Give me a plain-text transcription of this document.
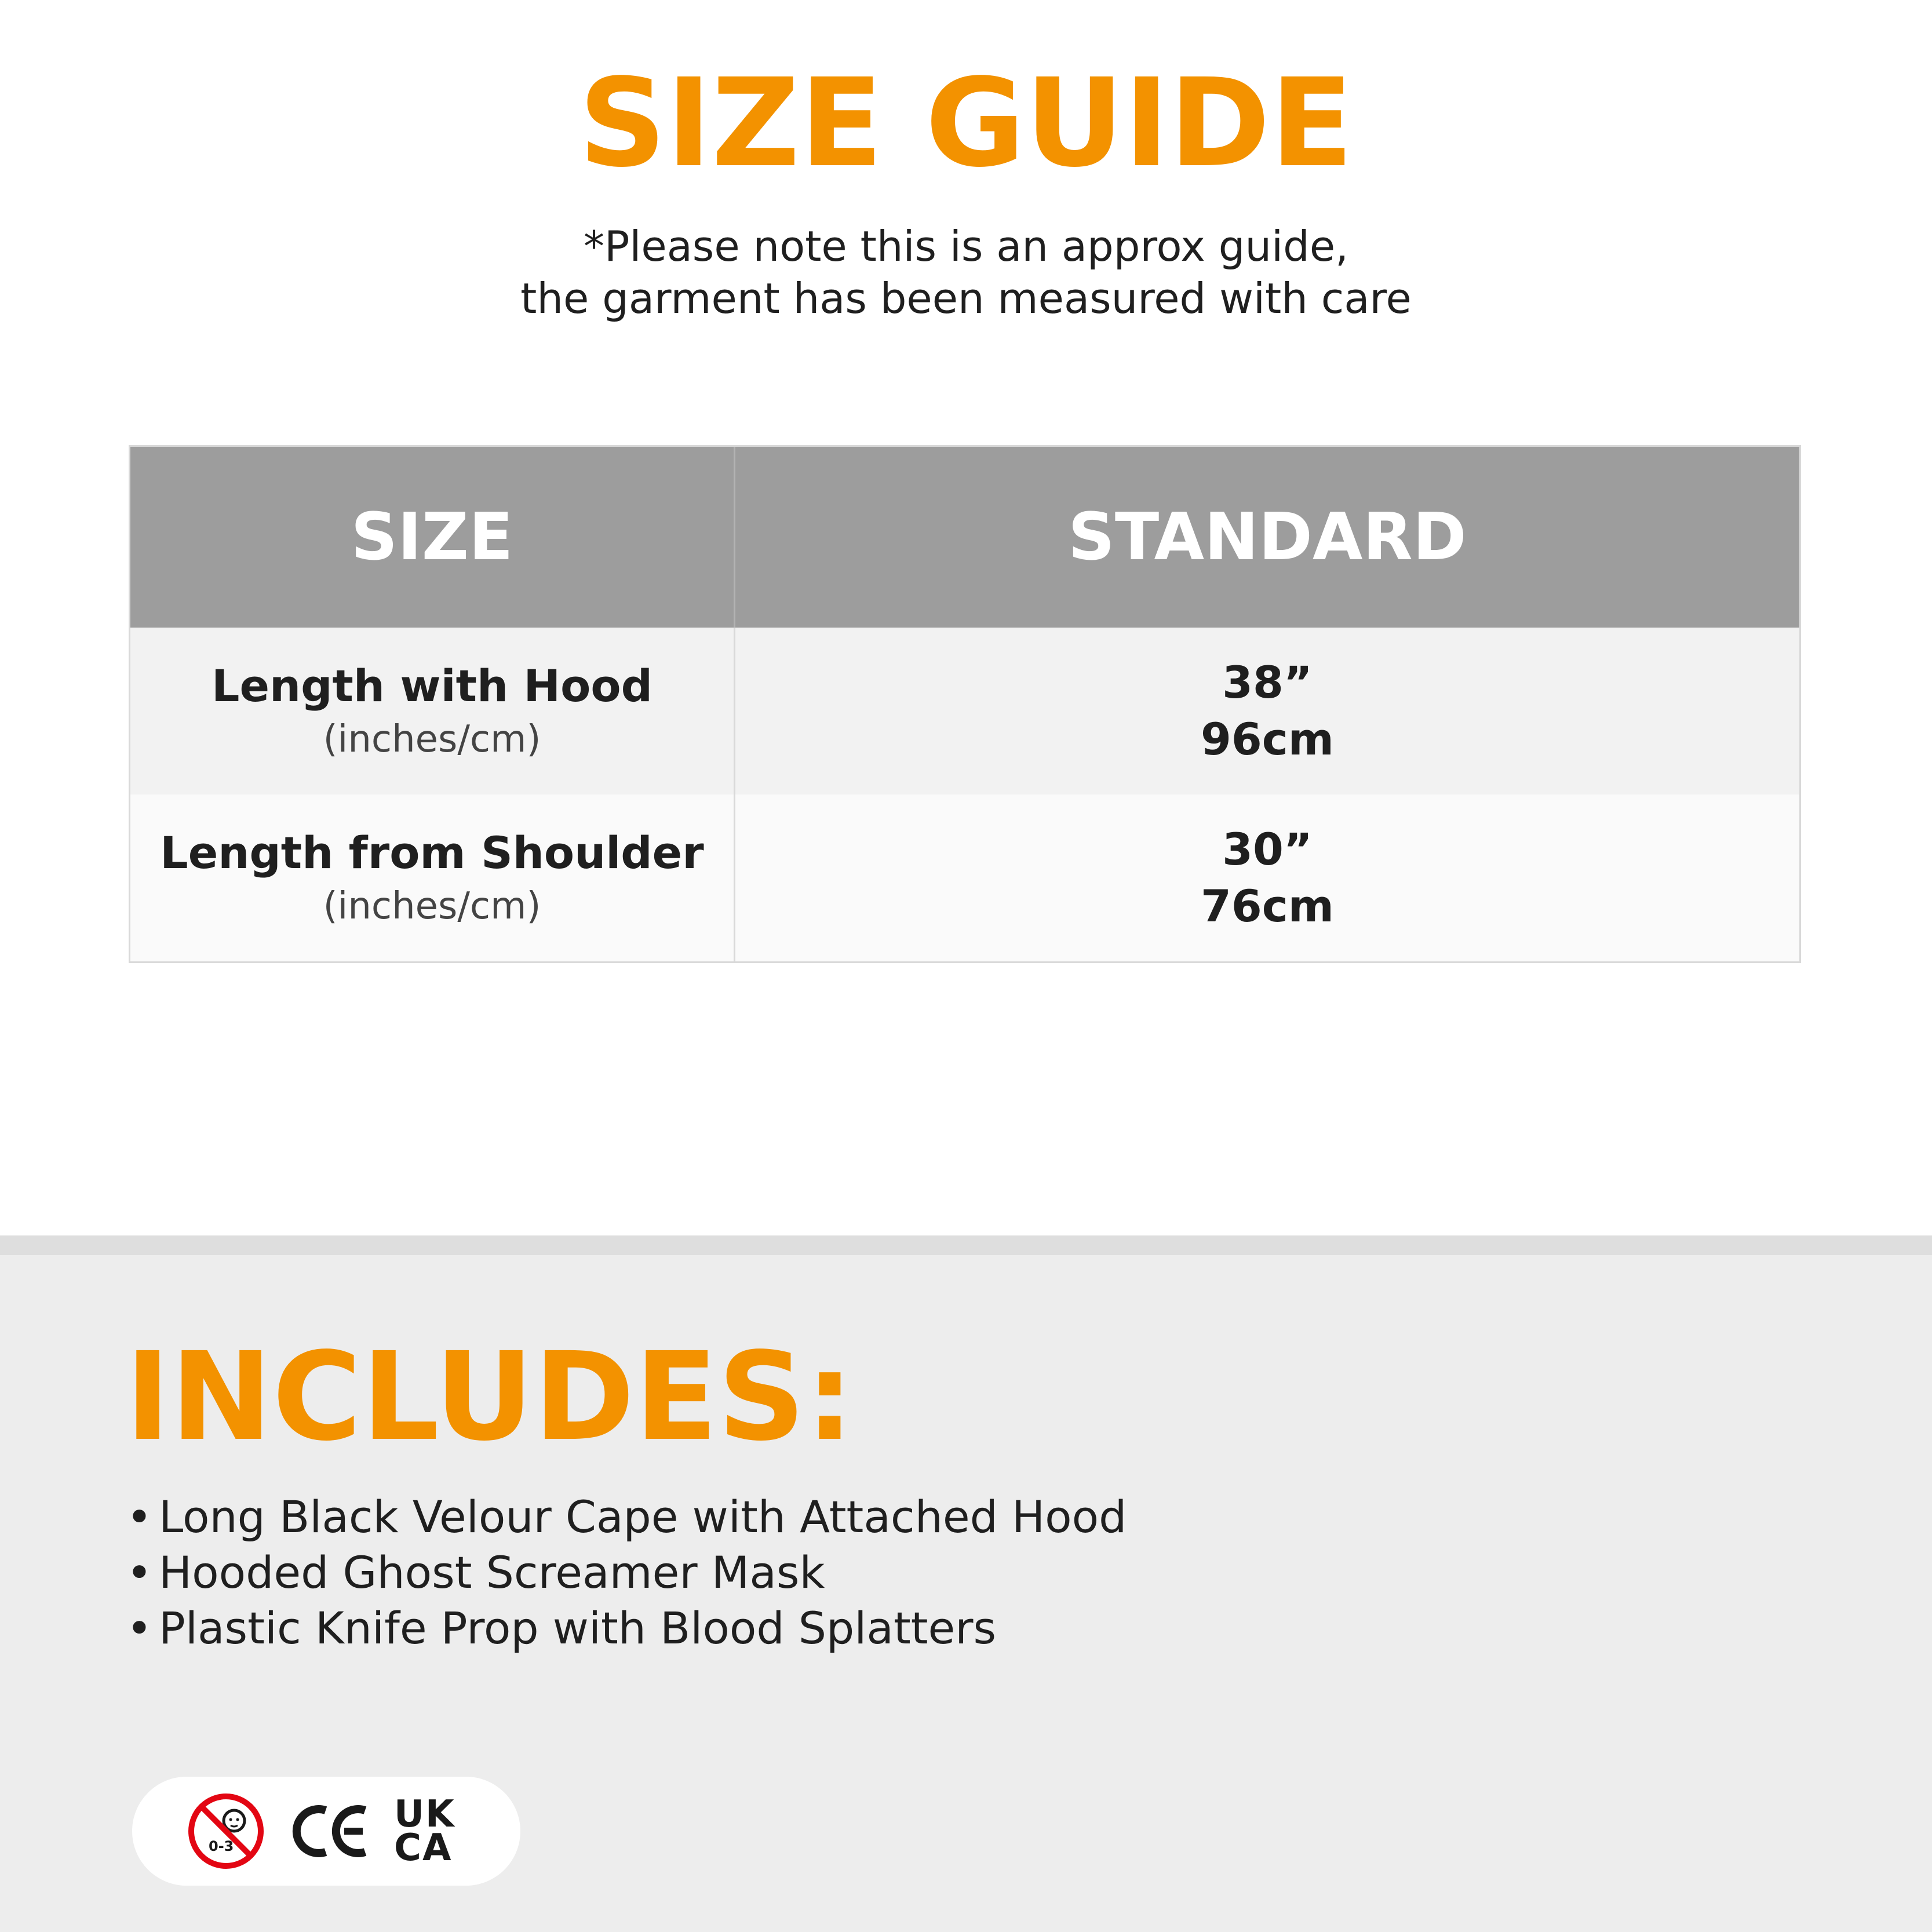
SIZE GUIDE
*Please note this is an approx guide,
the garment has been measured with care
SIZE	STANDARD
Length with Hood
(inches/cm)
38”
96cm
Length from Shoulder
(inches/cm)
30”
76cm
INCLUDES:
• Long Black Velour Cape with Attached Hood
• Hooded Ghost Screamer Mask
• Plastic Knife Prop with Blood Splatters
0-3
UK
CA
